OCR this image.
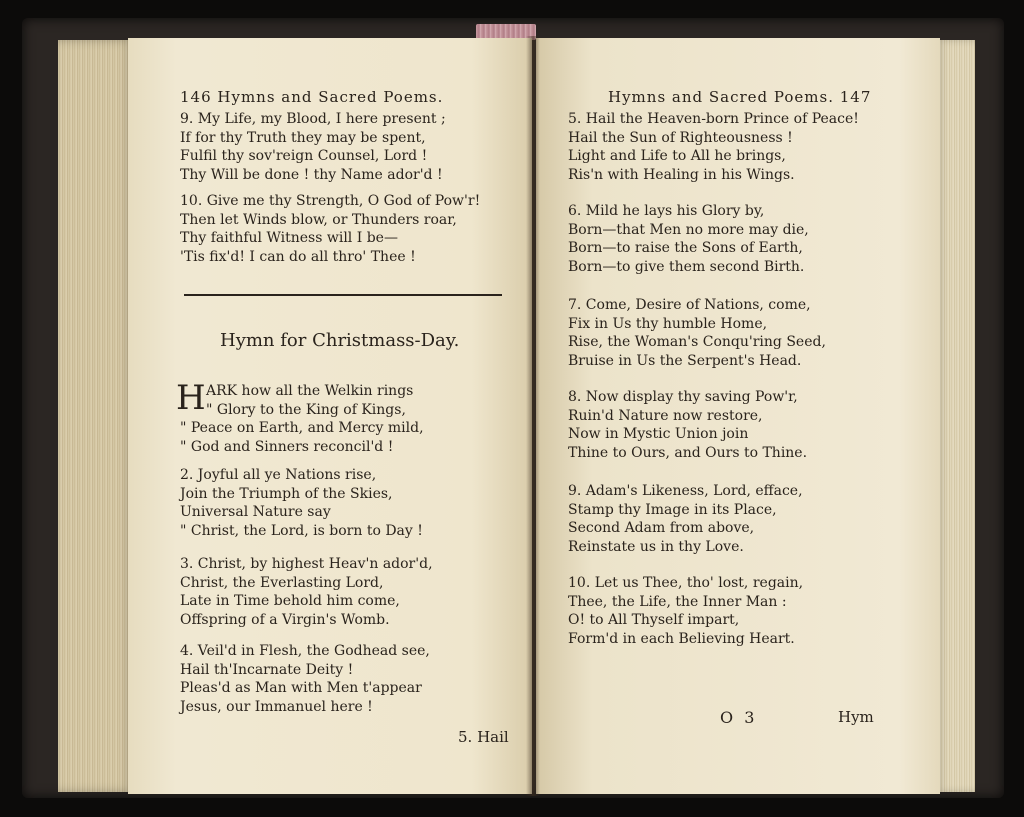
146 Hymns and Sacred Poems.
9. My Life, my Blood, I here present ;
If for thy Truth they may be spent,
Fulfil thy sov'reign Counsel, Lord !
Thy Will be done ! thy Name ador'd !
10. Give me thy Strength, O God of Pow'r!
Then let Winds blow, or Thunders roar,
Thy faithful Witness will I be—
'Tis fix'd! I can do all thro' Thee !
Hymn for Christmass-Day.
H ARK how all the Welkin rings
" Glory to the King of Kings,
" Peace on Earth, and Mercy mild,
" God and Sinners reconcil'd !
2. Joyful all ye Nations rise,
Join the Triumph of the Skies,
Universal Nature say
" Christ, the Lord, is born to Day !
3. Christ, by highest Heav'n ador'd,
Christ, the Everlasting Lord,
Late in Time behold him come,
Offspring of a Virgin's Womb.
4. Veil'd in Flesh, the Godhead see,
Hail th'Incarnate Deity !
Pleas'd as Man with Men t'appear
Jesus, our Immanuel here !
5. Hail
Hymns and Sacred Poems. 147
5. Hail the Heaven-born Prince of Peace!
Hail the Sun of Righteousness !
Light and Life to All he brings,
Ris'n with Healing in his Wings.
6. Mild he lays his Glory by,
Born—that Men no more may die,
Born—to raise the Sons of Earth,
Born—to give them second Birth.
7. Come, Desire of Nations, come,
Fix in Us thy humble Home,
Rise, the Woman's Conqu'ring Seed,
Bruise in Us the Serpent's Head.
8. Now display thy saving Pow'r,
Ruin'd Nature now restore,
Now in Mystic Union join
Thine to Ours, and Ours to Thine.
9. Adam's Likeness, Lord, efface,
Stamp thy Image in its Place,
Second Adam from above,
Reinstate us in thy Love.
10. Let us Thee, tho' lost, regain,
Thee, the Life, the Inner Man :
O! to All Thyself impart,
Form'd in each Believing Heart.
O 3	Hym
